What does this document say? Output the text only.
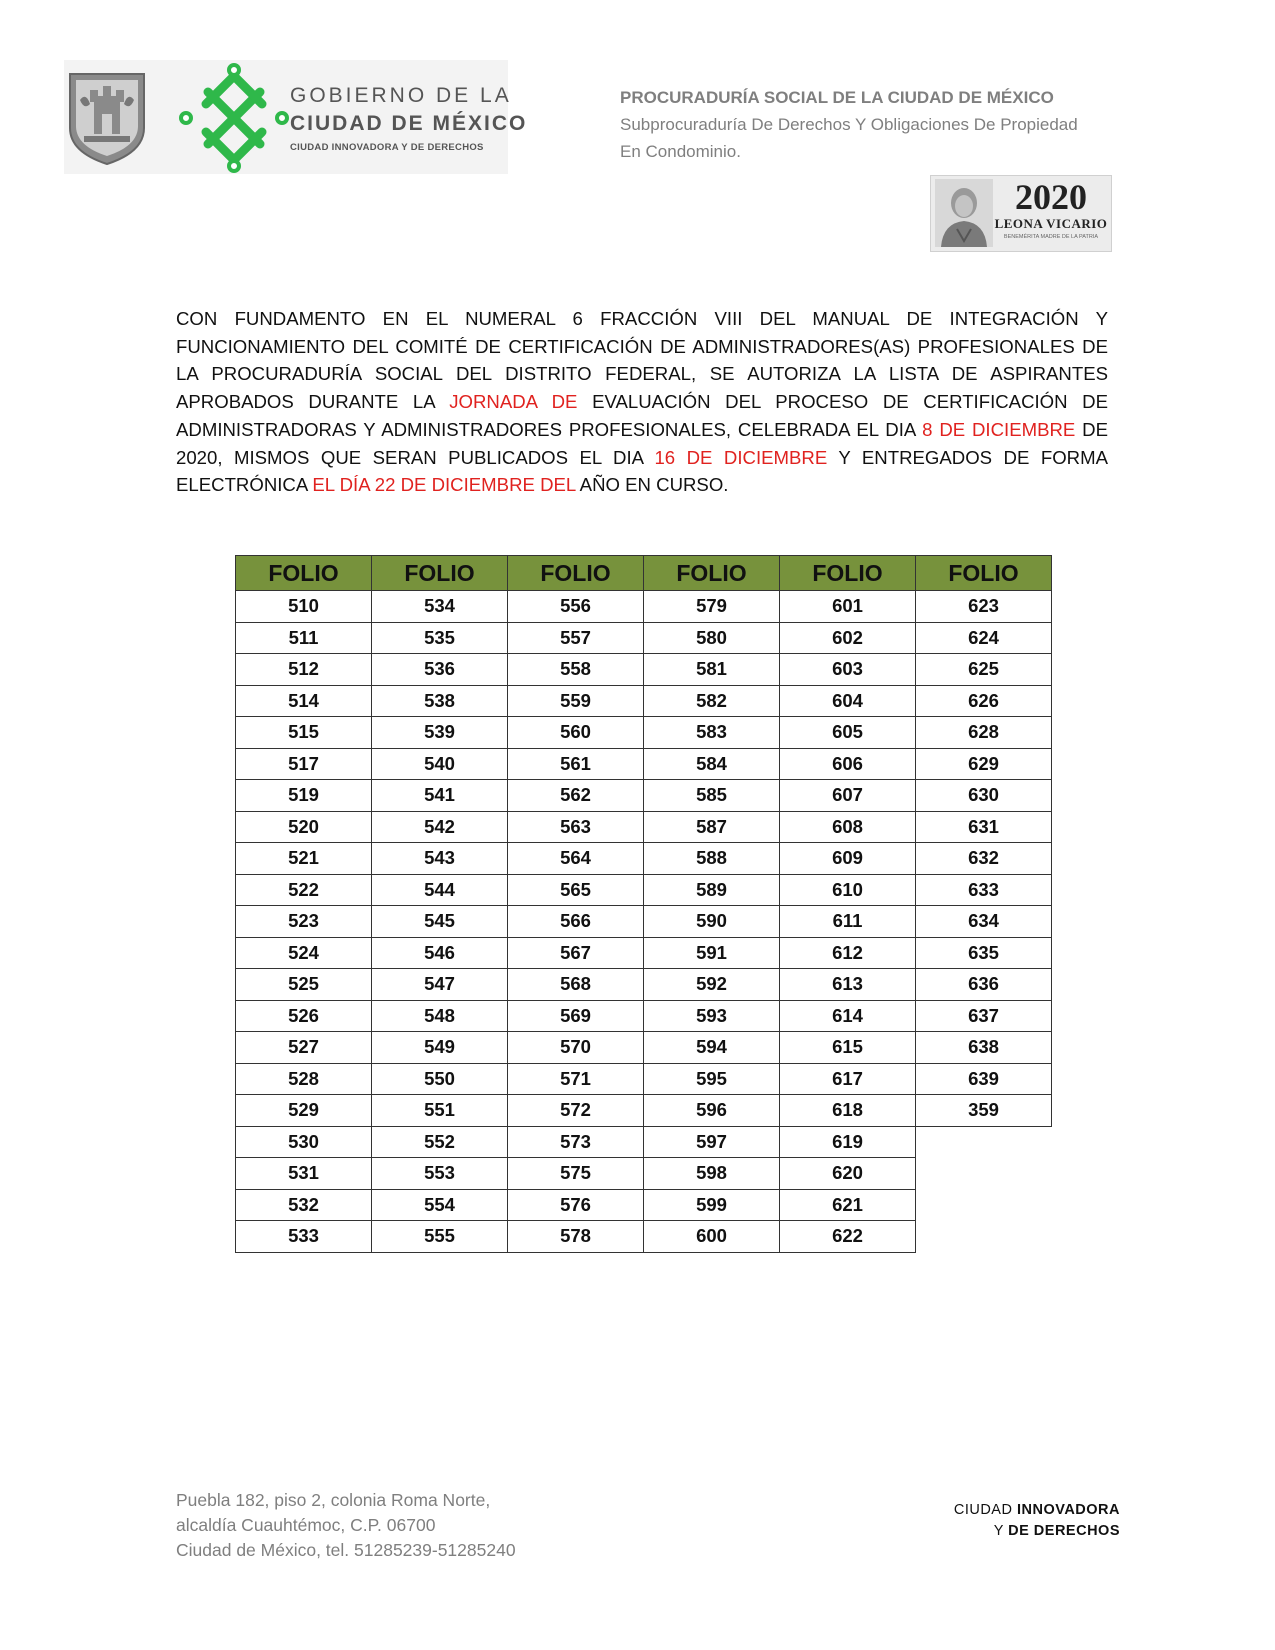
GOBIERNO DE LA
CIUDAD DE MÉXICO
CIUDAD INNOVADORA Y DE DERECHOS
PROCURADURÍA SOCIAL DE LA CIUDAD DE MÉXICO
Subprocuraduría De Derechos Y Obligaciones De Propiedad
En Condominio.
2020
LEONA VICARIO
BENEMÉRITA MADRE DE LA PATRIA
CON FUNDAMENTO EN EL NUMERAL 6 FRACCIÓN VIII DEL MANUAL DE INTEGRACIÓN Y FUNCIONAMIENTO DEL COMITÉ DE CERTIFICACIÓN DE ADMINISTRADORES(AS) PROFESIONALES DE LA PROCURADURÍA SOCIAL DEL DISTRITO FEDERAL, SE AUTORIZA LA LISTA DE ASPIRANTES APROBADOS DURANTE LA JORNADA DE EVALUACIÓN DEL PROCESO DE CERTIFICACIÓN DE ADMINISTRADORAS Y ADMINISTRADORES PROFESIONALES, CELEBRADA EL DIA 8 DE DICIEMBRE DE 2020, MISMOS QUE SERAN PUBLICADOS EL DIA 16 DE DICIEMBRE Y ENTREGADOS DE FORMA ELECTRÓNICA EL DÍA 22 DE DICIEMBRE DEL AÑO EN CURSO.
FOLIO	FOLIO	FOLIO	FOLIO	FOLIO	FOLIO
510	534	556	579	601	623
511	535	557	580	602	624
512	536	558	581	603	625
514	538	559	582	604	626
515	539	560	583	605	628
517	540	561	584	606	629
519	541	562	585	607	630
520	542	563	587	608	631
521	543	564	588	609	632
522	544	565	589	610	633
523	545	566	590	611	634
524	546	567	591	612	635
525	547	568	592	613	636
526	548	569	593	614	637
527	549	570	594	615	638
528	550	571	595	617	639
529	551	572	596	618	359
530	552	573	597	619	
531	553	575	598	620	
532	554	576	599	621	
533	555	578	600	622	
Puebla 182, piso 2, colonia Roma Norte,
alcaldía Cuauhtémoc, C.P. 06700
Ciudad de México, tel. 51285239-51285240
CIUDAD INNOVADORA
Y DE DERECHOS
